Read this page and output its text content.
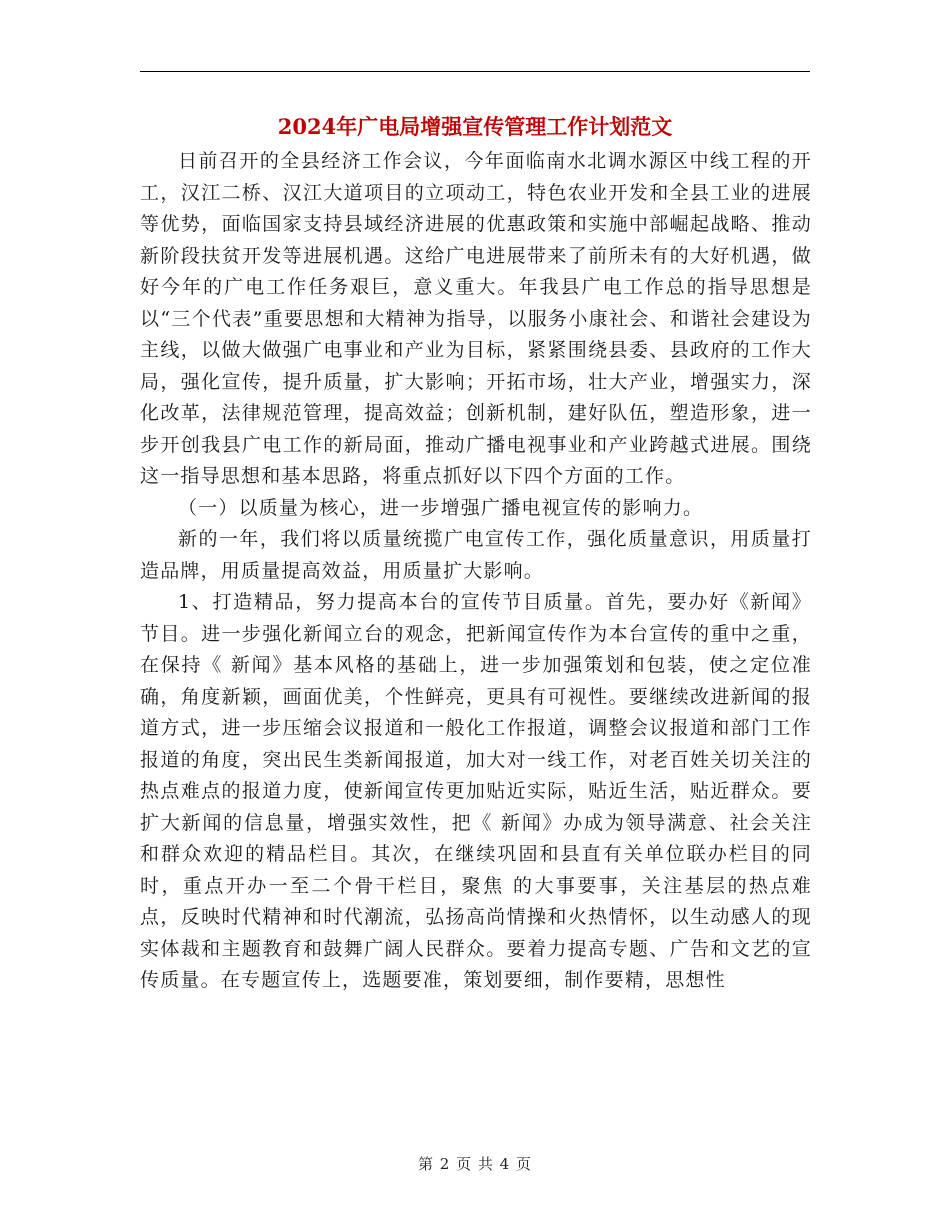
2024年广电局增强宣传管理工作计划范文

日前召开的全县经济工作会议，今年面临南水北调水源区中线工程的开工，汉江二桥、汉江大道项目的立项动工，特色农业开发和全县工业的进展等优势，面临国家支持县域经济进展的优惠政策和实施中部崛起战略、推动新阶段扶贫开发等进展机遇。这给广电进展带来了前所未有的大好机遇，做好今年的广电工作任务艰巨，意义重大。年我县广电工作总的指导思想是以“三个代表”重要思想和大精神为指导，以服务小康社会、和谐社会建设为主线，以做大做强广电事业和产业为目标，紧紧围绕县委、县政府的工作大局，强化宣传，提升质量，扩大影响；开拓市场，壮大产业，增强实力，深化改革，法律规范管理，提高效益；创新机制，建好队伍，塑造形象，进一步开创我县广电工作的新局面，推动广播电视事业和产业跨越式进展。围绕这一指导思想和基本思路，将重点抓好以下四个方面的工作。

（一）以质量为核心，进一步增强广播电视宣传的影响力。

新的一年，我们将以质量统揽广电宣传工作，强化质量意识，用质量打造品牌，用质量提高效益，用质量扩大影响。

1、打造精品，努力提高本台的宣传节目质量。首先，要办好《新闻》节目。进一步强化新闻立台的观念，把新闻宣传作为本台宣传的重中之重，在保持《 新闻》基本风格的基础上，进一步加强策划和包装，使之定位准确，角度新颖，画面优美，个性鲜亮，更具有可视性。要继续改进新闻的报道方式，进一步压缩会议报道和一般化工作报道，调整会议报道和部门工作报道的角度，突出民生类新闻报道，加大对一线工作，对老百姓关切关注的热点难点的报道力度，使新闻宣传更加贴近实际，贴近生活，贴近群众。要扩大新闻的信息量，增强实效性，把《 新闻》办成为领导满意、社会关注和群众欢迎的精品栏目。其次，在继续巩固和县直有关单位联办栏目的同时，重点开办一至二个骨干栏目，聚焦 的大事要事，关注基层的热点难点，反映时代精神和时代潮流，弘扬高尚情操和火热情怀，以生动感人的现实体裁和主题教育和鼓舞广阔人民群众。要着力提高专题、广告和文艺的宣传质量。在专题宣传上，选题要准，策划要细，制作要精，思想性

第 2 页 共 4 页
